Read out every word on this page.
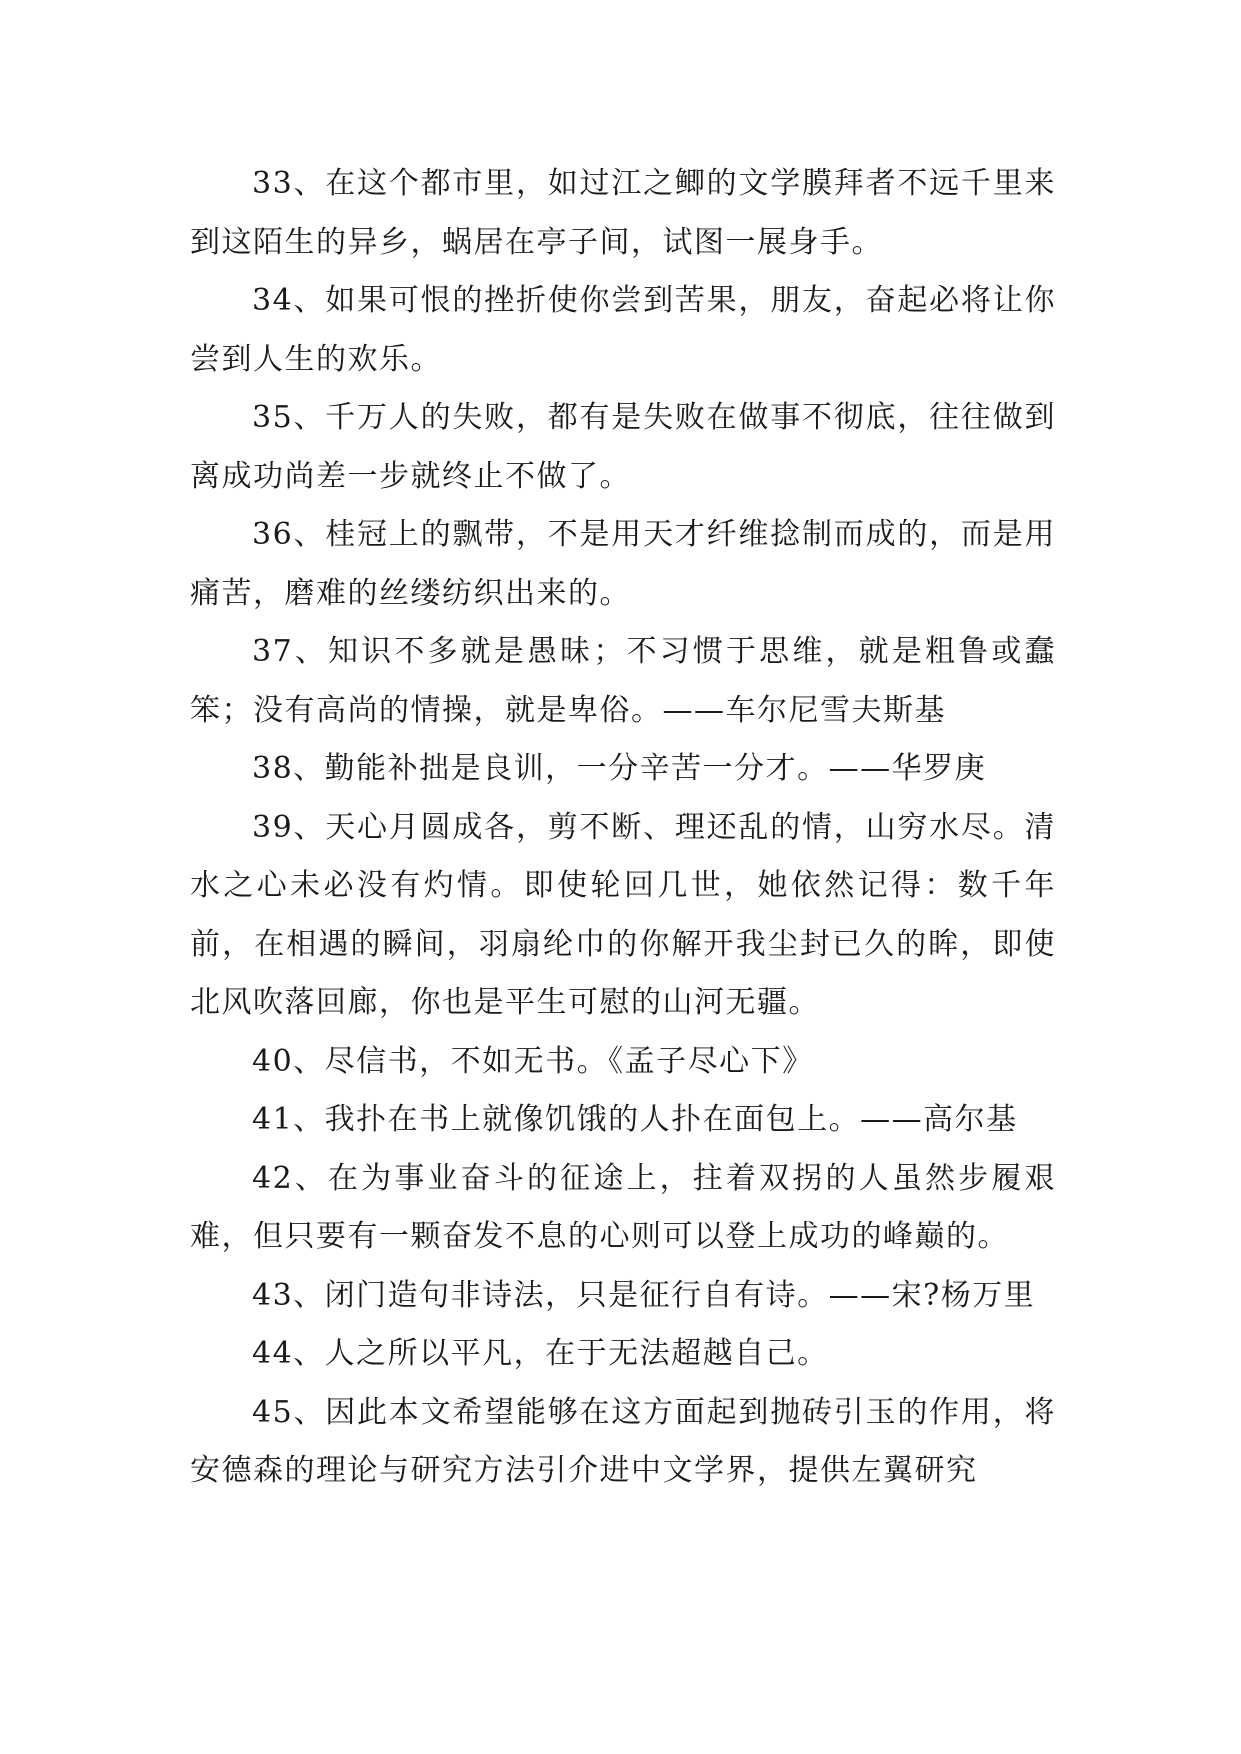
33、在这个都市里，如过江之鲫的文学膜拜者不远千里来到这陌生的异乡，蜗居在亭子间，试图一展身手。

34、如果可恨的挫折使你尝到苦果，朋友，奋起必将让你尝到人生的欢乐。

35、千万人的失败，都有是失败在做事不彻底，往往做到离成功尚差一步就终止不做了。

36、桂冠上的飘带，不是用天才纤维捻制而成的，而是用痛苦，磨难的丝缕纺织出来的。

37、知识不多就是愚昧；不习惯于思维，就是粗鲁或蠢笨；没有高尚的情操，就是卑俗。——车尔尼雪夫斯基

38、勤能补拙是良训，一分辛苦一分才。——华罗庚

39、天心月圆成各，剪不断、理还乱的情，山穷水尽。清水之心未必没有灼情。即使轮回几世，她依然记得：数千年前，在相遇的瞬间，羽扇纶巾的你解开我尘封已久的眸，即使北风吹落回廊，你也是平生可慰的山河无疆。

40、尽信书，不如无书。《孟子尽心下》

41、我扑在书上就像饥饿的人扑在面包上。——高尔基

42、在为事业奋斗的征途上，拄着双拐的人虽然步履艰难，但只要有一颗奋发不息的心则可以登上成功的峰巅的。

43、闭门造句非诗法，只是征行自有诗。——宋?杨万里

44、人之所以平凡，在于无法超越自己。

45、因此本文希望能够在这方面起到抛砖引玉的作用，将安德森的理论与研究方法引介进中文学界，提供左翼研究
